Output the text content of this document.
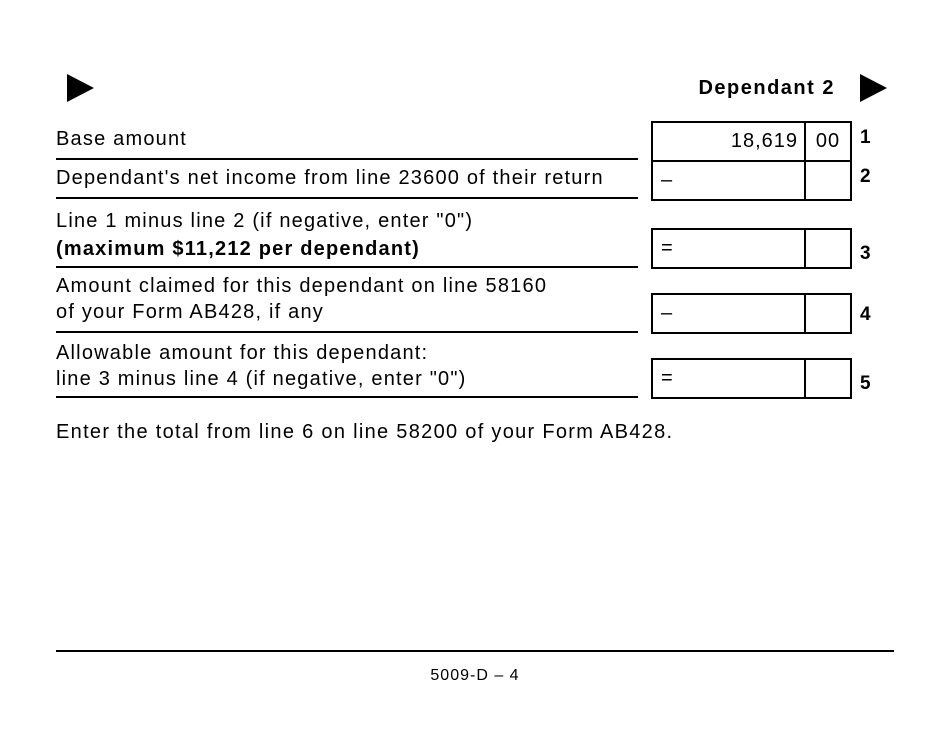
Dependant 2
Base amount	18,619 00	1
Dependant's net income from line 23600 of their return	–	2
Line 1 minus line 2 (if negative, enter "0")
(maximum $11,212 per dependant)	=	3
Amount claimed for this dependant on line 58160
of your Form AB428, if any	–	4
Allowable amount for this dependant:
line 3 minus line 4 (if negative, enter "0")	=	5
Enter the total from line 6 on line 58200 of your Form AB428.
5009-D – 4
